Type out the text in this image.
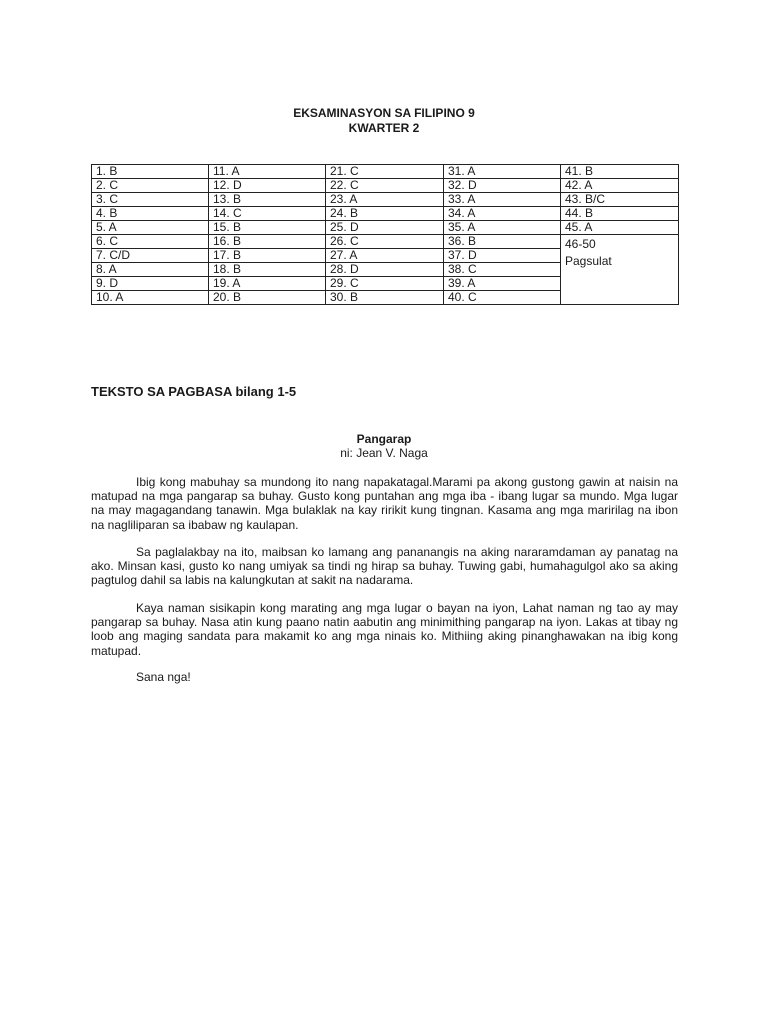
EKSAMINASYON SA FILIPINO 9
KWARTER 2
1. B	11. A	21. C	31. A	41. B
2. C	12. D	22. C	32. D	42. A
3. C	13. B	23. A	33. A	43. B/C
4. B	14. C	24. B	34. A	44. B
5. A	15. B	25. D	35. A	45. A
6. C	16. B	26. C	36. B	46-50
Pagsulat

7. C/D	17. B	27. A	37. D	
8. A	18. B	28. D	38. C	
9. D	19. A	29. C	39. A	
10. A	20. B	30. B	40. C	
TEKSTO SA PAGBASA bilang 1-5
Pangarap
ni: Jean V. Naga

Ibig kong mabuhay sa mundong ito nang napakatagal.Marami pa akong gustong gawin at naisin na matupad na mga pangarap sa buhay. Gusto kong puntahan ang mga iba - ibang lugar sa mundo. Mga lugar na may magagandang tanawin. Mga bulaklak na kay ririkit kung tingnan. Kasama ang mga maririlag na ibon na nagliliparan sa ibabaw ng kaulapan.

Sa paglalakbay na ito, maibsan ko lamang ang pananangis na aking nararamdaman ay panatag na ako. Minsan kasi, gusto ko nang umiyak sa tindi ng hirap sa buhay. Tuwing gabi, humahagulgol ako sa aking pagtulog dahil sa labis na kalungkutan at sakit na nadarama.

Kaya naman sisikapin kong marating ang mga lugar o bayan na iyon, Lahat naman ng tao ay may pangarap sa buhay. Nasa atin kung paano natin aabutin ang minimithing pangarap na iyon. Lakas at tibay ng loob ang maging sandata para makamit ko ang mga ninais ko. Mithiing aking pinanghawakan na ibig kong matupad.

Sana nga!
